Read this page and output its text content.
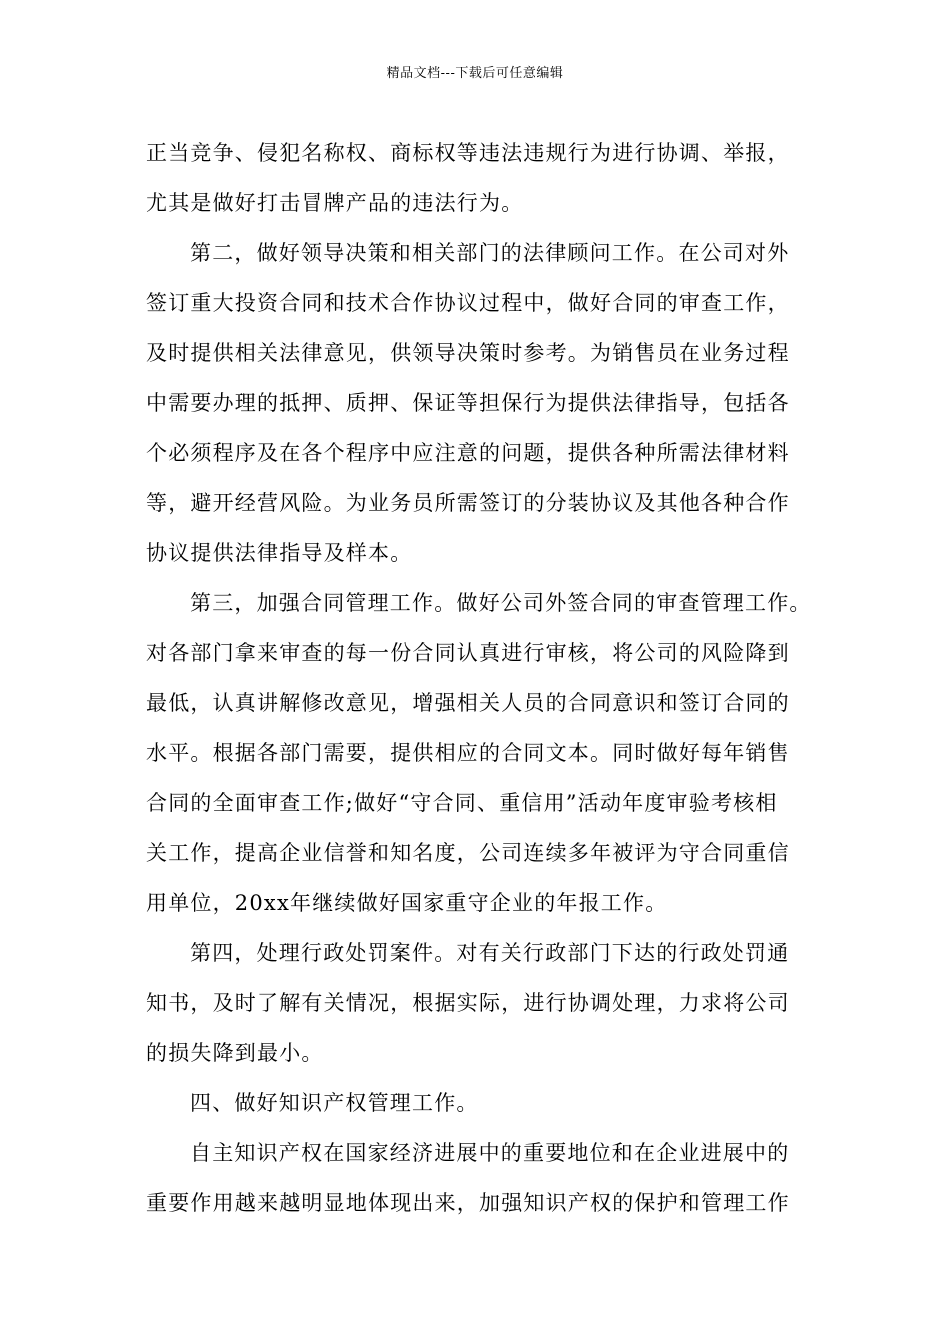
精品文档---下载后可任意编辑
正当竞争、侵犯名称权、商标权等违法违规行为进行协调、举报，
尤其是做好打击冒牌产品的违法行为。
第二，做好领导决策和相关部门的法律顾问工作。在公司对外
签订重大投资合同和技术合作协议过程中，做好合同的审查工作，
及时提供相关法律意见，供领导决策时参考。为销售员在业务过程
中需要办理的抵押、质押、保证等担保行为提供法律指导，包括各
个必须程序及在各个程序中应注意的问题，提供各种所需法律材料
等，避开经营风险。为业务员所需签订的分装协议及其他各种合作
协议提供法律指导及样本。
第三，加强合同管理工作。做好公司外签合同的审查管理工作。
对各部门拿来审查的每一份合同认真进行审核，将公司的风险降到
最低，认真讲解修改意见，增强相关人员的合同意识和签订合同的
水平。根据各部门需要，提供相应的合同文本。同时做好每年销售
合同的全面审查工作;做好“守合同、重信用”活动年度审验考核相
关工作，提高企业信誉和知名度，公司连续多年被评为守合同重信
用单位，20xx年继续做好国家重守企业的年报工作。
第四，处理行政处罚案件。对有关行政部门下达的行政处罚通
知书，及时了解有关情况，根据实际，进行协调处理，力求将公司
的损失降到最小。
四、做好知识产权管理工作。
自主知识产权在国家经济进展中的重要地位和在企业进展中的
重要作用越来越明显地体现出来，加强知识产权的保护和管理工作
